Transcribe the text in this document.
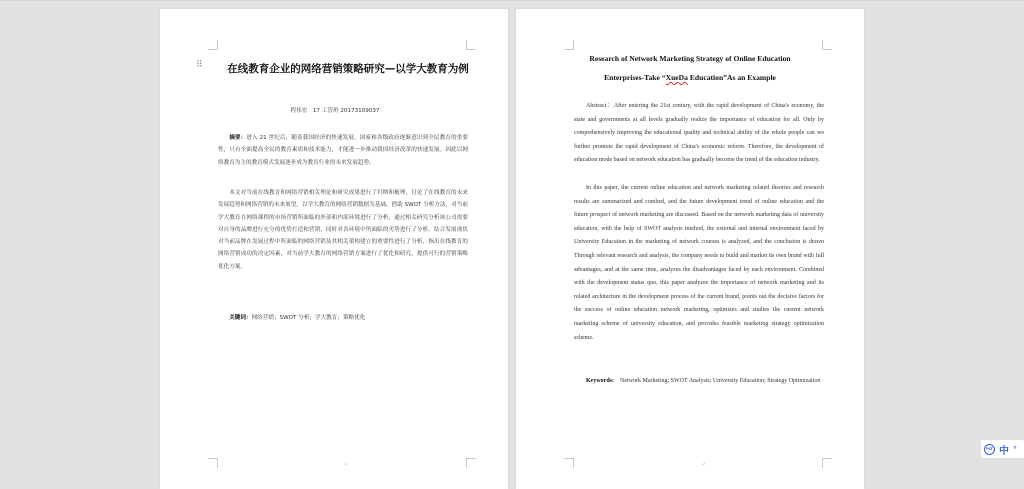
⠿	在线教育企业的网络营销策略研究—以学大教育为例
程伟宏　17 工管班 20173109037

摘要：进入 21 世纪后，随着我国经济的快速发展，国家和各级政府逐渐意识到全民教育的重要性，只有全面提高全民的教育素质和技术能力，才能进一步推动我国经济改革的快速发展。因此以网络教育为主的教育模式发展逐步成为教育行业的未来发展趋势。

本文对当前在线教育和网络营销相关理论和研究成果进行了归纳和梳理，讨论了在线教育的未来发展趋势和网络营销的未来展望，以学大教育的网络营销数据为基础，借助 SWOT 分析方法，对当前学大教育在网络课程的市场营销所面临的外部和内部环境进行了分析，通过相关研究分析该公司需要对自身的品牌进行充分的优势打造和营销，同时对各环境中所面临的劣势进行了分析。结合发展现状对当前品牌在发展过程中所面临的网络营销及其相关架构建立的重要性进行了分析，指出在线教育的网络营销成功的决定因素，对当前学大教育的网络营销方案进行了优化和研究，提供可行的营销策略优化方案。

关键词：网络营销；SWOT 分析；学大教育；策略优化

1
Research of Network Marketing Strategy of Online Education
Enterprises-Take “XueDa Education”As an Example

Abstract：After entering the 21st century, with the rapid development of China's economy, the state and governments at all levels gradually realize the importance of education for all. Only by comprehensively improving the educational quality and technical ability of the whole people can we further promote the rapid development of China's economic reform. Therefore, the development of education mode based on network education has gradually become the trend of the education industry.

In this paper, the current online education and network marketing related theories and research results are summarized and combed, and the future development trend of online education and the future prospect of network marketing are discussed. Based on the network marketing data of university education, with the help of SWOT analysis method, the external and internal environment faced by University Education in the marketing of network courses is analyzed, and the conclusion is drawn Through relevant research and analysis, the company needs to build and market its own brand with full advantages, and at the same time, analyzes the disadvantages faced by each environment. Combined with the development status quo, this paper analyzes the importance of network marketing and its related architecture in the development process of the current brand, points out the decisive factors for the success of online education network marketing, optimizes and studies the current network marketing scheme of university education, and provides feasible marketing strategy optimization scheme.

Keywords: Network Marketing; SWOT Analysis; University Education; Strategy Optimization

2
PLT 中 °
